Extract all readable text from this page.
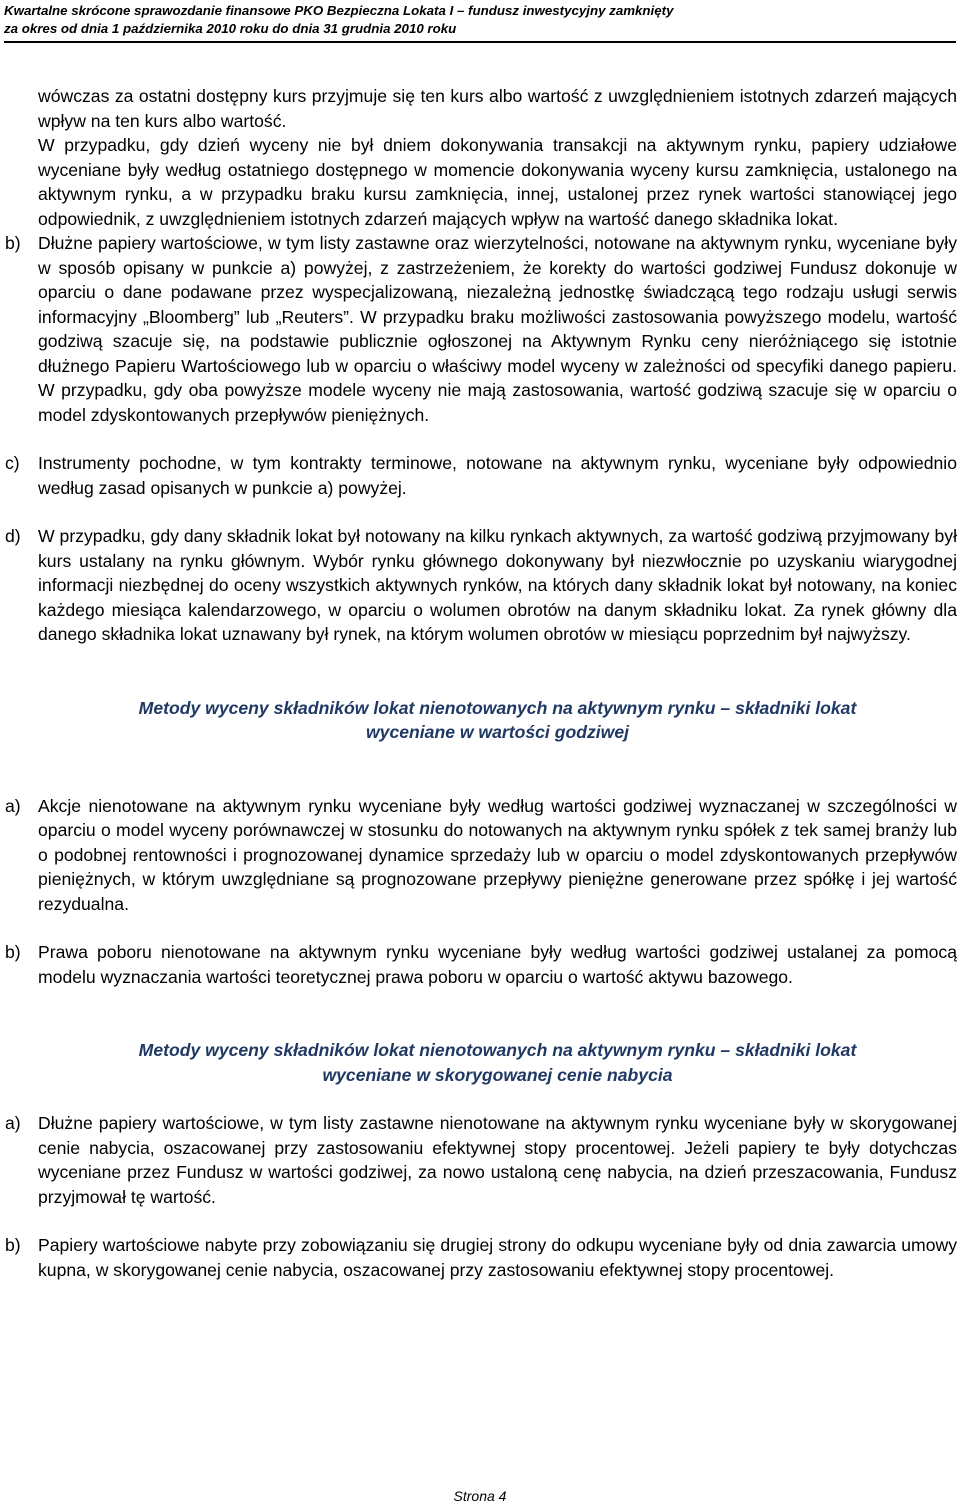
Kwartalne skrócone sprawozdanie finansowe PKO Bezpieczna Lokata I – fundusz inwestycyjny zamknięty
za okres od dnia 1 października 2010 roku do dnia 31 grudnia 2010 roku

wówczas za ostatni dostępny kurs przyjmuje się ten kurs albo wartość z uwzględnieniem istotnych zdarzeń mających wpływ na ten kurs albo wartość.

W przypadku, gdy dzień wyceny nie był dniem dokonywania transakcji na aktywnym rynku, papiery udziałowe wyceniane były według ostatniego dostępnego w momencie dokonywania wyceny kursu zamknięcia, ustalonego na aktywnym rynku, a w przypadku braku kursu zamknięcia, innej, ustalonej przez rynek wartości stanowiącej jego odpowiednik, z uwzględnieniem istotnych zdarzeń mających wpływ na wartość danego składnika lokat.

b) Dłużne papiery wartościowe, w tym listy zastawne oraz wierzytelności, notowane na aktywnym rynku, wyceniane były w sposób opisany w punkcie a) powyżej, z zastrzeżeniem, że korekty do wartości godziwej Fundusz dokonuje w oparciu o dane podawane przez wyspecjalizowaną, niezależną jednostkę świadczącą tego rodzaju usługi serwis informacyjny „Bloomberg” lub „Reuters”. W przypadku braku możliwości zastosowania powyższego modelu, wartość godziwą szacuje się, na podstawie publicznie ogłoszonej na Aktywnym Rynku ceny nieróżniącego się istotnie dłużnego Papieru Wartościowego lub w oparciu o właściwy model wyceny w zależności od specyfiki danego papieru. W przypadku, gdy oba powyższe modele wyceny nie mają zastosowania, wartość godziwą szacuje się w oparciu o model zdyskontowanych przepływów pieniężnych.

c) Instrumenty pochodne, w tym kontrakty terminowe, notowane na aktywnym rynku, wyceniane były odpowiednio według zasad opisanych w punkcie a) powyżej.

d) W przypadku, gdy dany składnik lokat był notowany na kilku rynkach aktywnych, za wartość godziwą przyjmowany był kurs ustalany na rynku głównym. Wybór rynku głównego dokonywany był niezwłocznie po uzyskaniu wiarygodnej informacji niezbędnej do oceny wszystkich aktywnych rynków, na których dany składnik lokat był notowany, na koniec każdego miesiąca kalendarzowego, w oparciu o wolumen obrotów na danym składniku lokat. Za rynek główny dla danego składnika lokat uznawany był rynek, na którym wolumen obrotów w miesiącu poprzednim był najwyższy.

Metody wyceny składników lokat nienotowanych na aktywnym rynku – składniki lokat
wyceniane w wartości godziwej
a) Akcje nienotowane na aktywnym rynku wyceniane były według wartości godziwej wyznaczanej w szczególności w oparciu o model wyceny porównawczej w stosunku do notowanych na aktywnym rynku spółek z tek samej branży lub o podobnej rentowności i prognozowanej dynamice sprzedaży lub w oparciu o model zdyskontowanych przepływów pieniężnych, w którym uwzględniane są prognozowane przepływy pieniężne generowane przez spółkę i jej wartość rezydualna.

b) Prawa poboru nienotowane na aktywnym rynku wyceniane były według wartości godziwej ustalanej za pomocą modelu wyznaczania wartości teoretycznej prawa poboru w oparciu o wartość aktywu bazowego.

Metody wyceny składników lokat nienotowanych na aktywnym rynku – składniki lokat
wyceniane w skorygowanej cenie nabycia
a) Dłużne papiery wartościowe, w tym listy zastawne nienotowane na aktywnym rynku wyceniane były w skorygowanej cenie nabycia, oszacowanej przy zastosowaniu efektywnej stopy procentowej. Jeżeli papiery te były dotychczas wyceniane przez Fundusz w wartości godziwej, za nowo ustaloną cenę nabycia, na dzień przeszacowania, Fundusz przyjmował tę wartość.

b) Papiery wartościowe nabyte przy zobowiązaniu się drugiej strony do odkupu wyceniane były od dnia zawarcia umowy kupna, w skorygowanej cenie nabycia, oszacowanej przy zastosowaniu efektywnej stopy procentowej.

Strona 4
